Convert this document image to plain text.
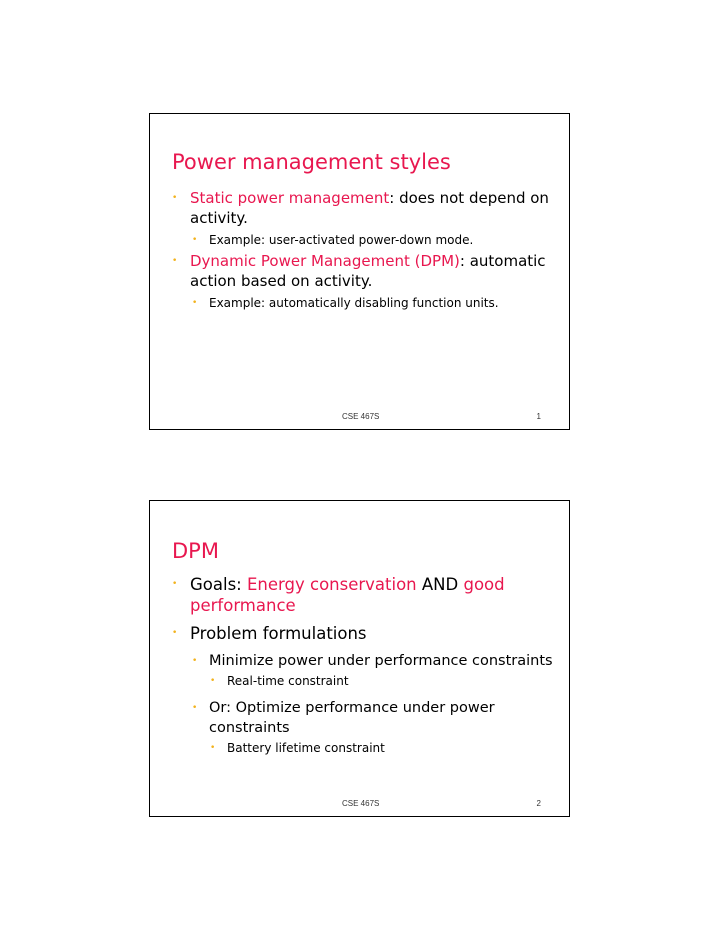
Power management styles
• Static power management: does not depend on activity.
• Example: user-activated power-down mode.
• Dynamic Power Management (DPM): automatic action based on activity.
• Example: automatically disabling function units.
CSE 467S	1
DPM
• Goals: Energy conservation AND good performance
• Problem formulations
• Minimize power under performance constraints
• Real-time constraint
• Or: Optimize performance under power constraints
• Battery lifetime constraint
CSE 467S	2
